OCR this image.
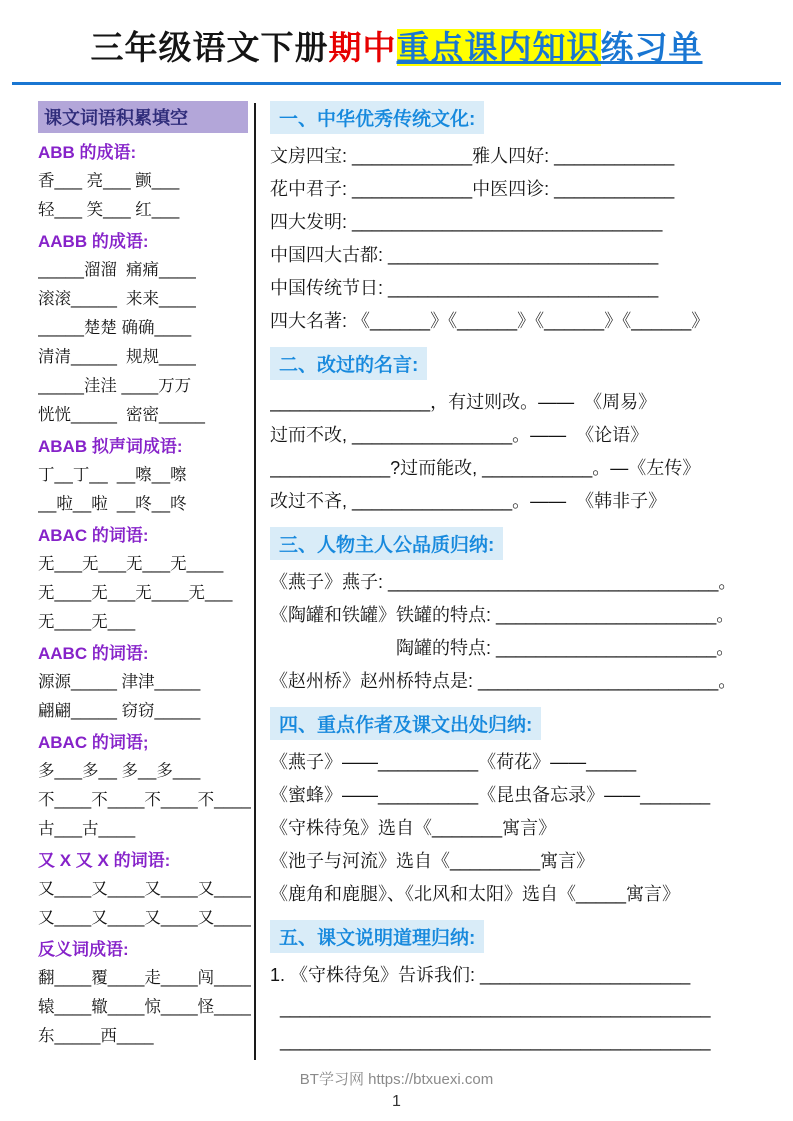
三年级语文下册期中重点课内知识练习单
课文词语积累填空
ABB 的成语:
香___ 亮___ 颤___
轻___ 笑___ 红___
AABB 的成语:
_____溜溜  痛痛____
滚滚_____  来来____
_____楚楚 确确____
清清_____  规规____
_____洼洼 ____万万
恍恍_____  密密_____
ABAB 拟声词成语:
丁__丁__  __嚓__嚓
__啦__啦  __咚__咚
ABAC 的词语:
无___无___无___无____
无____无___无____无___
无____无___
AABC 的词语:
源源_____ 津津_____
翩翩_____ 窃窃_____
ABAC 的词语;
多___多__ 多__多___
不____不____不____不____
古___古____
又 X 又 X 的词语:
又____又____又____又____
又____又____又____又____
反义词成语:
翻____覆____走____闯____
辕____辙____惊____怪____
东_____西____
一、中华优秀传统文化:
文房四宝: ____________雅人四好: ____________
花中君子: ____________中医四诊: ____________
四大发明: _______________________________
中国四大古都: ___________________________
中国传统节日: ___________________________
四大名著: 《______》《______》《______》《______》
二、改过的名言:
________________，有过则改。——  《周易》
过而不改, ________________。——  《论语》
____________?过而能改, ___________。—《左传》
改过不吝, ________________。——  《韩非子》
三、人物主人公品质归纳:
《燕子》燕子: _________________________________。
《陶罐和铁罐》铁罐的特点: ______________________。
　　　　　　　陶罐的特点: ______________________。
《赵州桥》赵州桥特点是: ________________________。
四、重点作者及课文出处归纳:
《燕子》——__________《荷花》——_____
《蜜蜂》——__________《昆虫备忘录》——_______
《守株待兔》选自《_______寓言》
《池子与河流》选自《_________寓言》
《鹿角和鹿腿》、《北风和太阳》选自《_____寓言》
五、课文说明道理归纳:
1. 《守株待兔》告诉我们: _____________________
___________________________________________
___________________________________________
BT学习网 https://btxuexi.com
1
